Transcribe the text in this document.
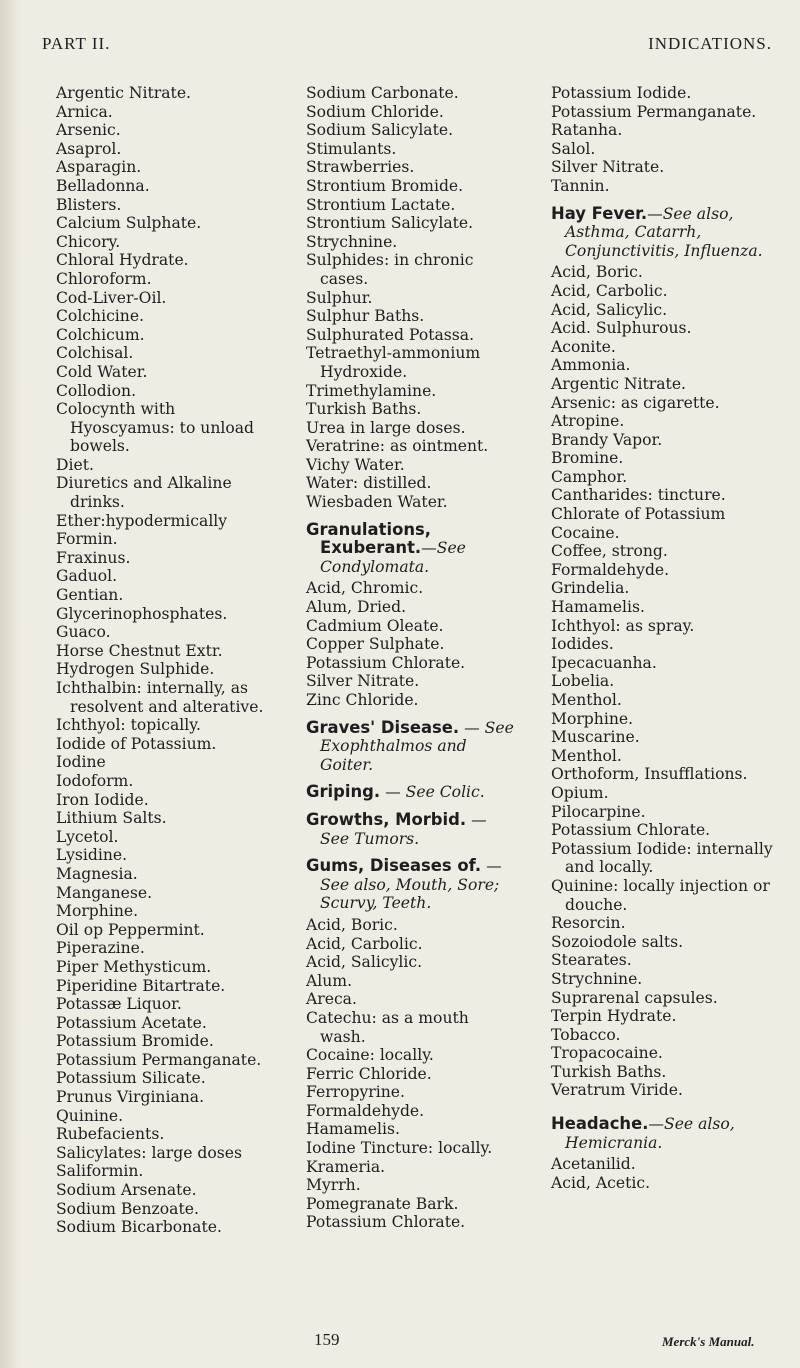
PART II.	INDICATIONS.
Argentic Nitrate.
Arnica.
Arsenic.
Asaprol.
Asparagin.
Belladonna.
Blisters.
Calcium Sulphate.
Chicory.
Chloral Hydrate.
Chloroform.
Cod-Liver-Oil.
Colchicine.
Colchicum.
Colchisal.
Cold Water.
Collodion.
Colocynth with Hyoscyamus: to unload bowels.
Diet.
Diuretics and Alkaline drinks.
Ether:hypodermically
Formin.
Fraxinus.
Gaduol.
Gentian.
Glycerinophosphates.
Guaco.
Horse Chestnut Extr.
Hydrogen Sulphide.
Ichthalbin: internally, as resolvent and alterative.
Ichthyol: topically.
Iodide of Potassium.
Iodine
Iodoform.
Iron Iodide.
Lithium Salts.
Lycetol.
Lysidine.
Magnesia.
Manganese.
Morphine.
Oil op Peppermint.
Piperazine.
Piper Methysticum.
Piperidine Bitartrate.
Potassæ Liquor.
Potassium Acetate.
Potassium Bromide.
Potassium Permanganate.
Potassium Silicate.
Prunus Virginiana.
Quinine.
Rubefacients.
Salicylates: large doses
Saliformin.
Sodium Arsenate.
Sodium Benzoate.
Sodium Bicarbonate.
Sodium Carbonate.
Sodium Chloride.
Sodium Salicylate.
Stimulants.
Strawberries.
Strontium Bromide.
Strontium Lactate.
Strontium Salicylate.
Strychnine.
Sulphides: in chronic cases.
Sulphur.
Sulphur Baths.
Sulphurated Potassa.
Tetraethyl-ammonium Hydroxide.
Trimethylamine.
Turkish Baths.
Urea in large doses.
Veratrine: as ointment.
Vichy Water.
Water: distilled.
Wiesbaden Water.
Granulations, Exuberant.—See Condylomata.
Acid, Chromic.
Alum, Dried.
Cadmium Oleate.
Copper Sulphate.
Potassium Chlorate.
Silver Nitrate.
Zinc Chloride.
Graves' Disease. — See Exophthalmos and Goiter.
Griping. — See Colic.
Growths, Morbid. — See Tumors.
Gums, Diseases of. — See also, Mouth, Sore; Scurvy, Teeth.
Acid, Boric.
Acid, Carbolic.
Acid, Salicylic.
Alum.
Areca.
Catechu: as a mouth wash.
Cocaine: locally.
Ferric Chloride.
Ferropyrine.
Formaldehyde.
Hamamelis.
Iodine Tincture: locally.
Krameria.
Myrrh.
Pomegranate Bark.
Potassium Chlorate.
Potassium Iodide.
Potassium Permanganate.
Ratanha.
Salol.
Silver Nitrate.
Tannin.
Hay Fever.—See also, Asthma, Catarrh, Conjunctivitis, Influenza.
Acid, Boric.
Acid, Carbolic.
Acid, Salicylic.
Acid. Sulphurous.
Aconite.
Ammonia.
Argentic Nitrate.
Arsenic: as cigarette.
Atropine.
Brandy Vapor.
Bromine.
Camphor.
Cantharides: tincture.
Chlorate of Potassium
Cocaine.
Coffee, strong.
Formaldehyde.
Grindelia.
Hamamelis.
Ichthyol: as spray.
Iodides.
Ipecacuanha.
Lobelia.
Menthol.
Morphine.
Muscarine.
Menthol.
Orthoform, Insufflations.
Opium.
Pilocarpine.
Potassium Chlorate.
Potassium Iodide: internally and locally.
Quinine: locally injection or douche.
Resorcin.
Sozoiodole salts.
Stearates.
Strychnine.
Suprarenal capsules.
Terpin Hydrate.
Tobacco.
Tropacocaine.
Turkish Baths.
Veratrum Viride.
Headache.—See also, Hemicrania.
Acetanilid.
Acid, Acetic.
159	Merck's Manual.
